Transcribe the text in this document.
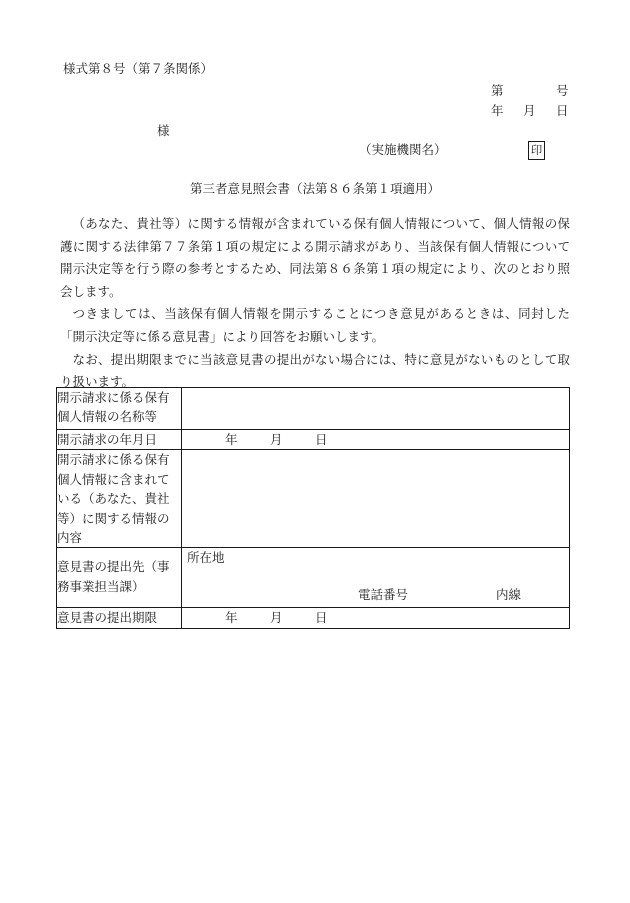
様式第８号（第７条関係）
第	号
年 月 日
様
（実施機関名）	印
第三者意見照会書（法第８６条第１項適用）

（あなた、貴社等）に関する情報が含まれている保有個人情報について、個人情報の保護に関する法律第７７条第１項の規定による開示請求があり、当該保有個人情報について開示決定等を行う際の参考とするため、同法第８６条第１項の規定により、次のとおり照会します。

つきましては、当該保有個人情報を開示することにつき意見があるときは、同封した「開示決定等に係る意見書」により回答をお願いします。

なお、提出期限までに当該意見書の提出がない場合には、特に意見がないものとして取り扱います。

開示請求に係る保有個人情報の名称等	
開示請求の年月日	年 月 日

開示請求に係る保有個人情報に含まれている（あなた、貴社等）に関する情報の内容	
意見書の提出先（事務事業担当課）	所在地
電話番号 内線

意見書の提出期限	年 月 日
